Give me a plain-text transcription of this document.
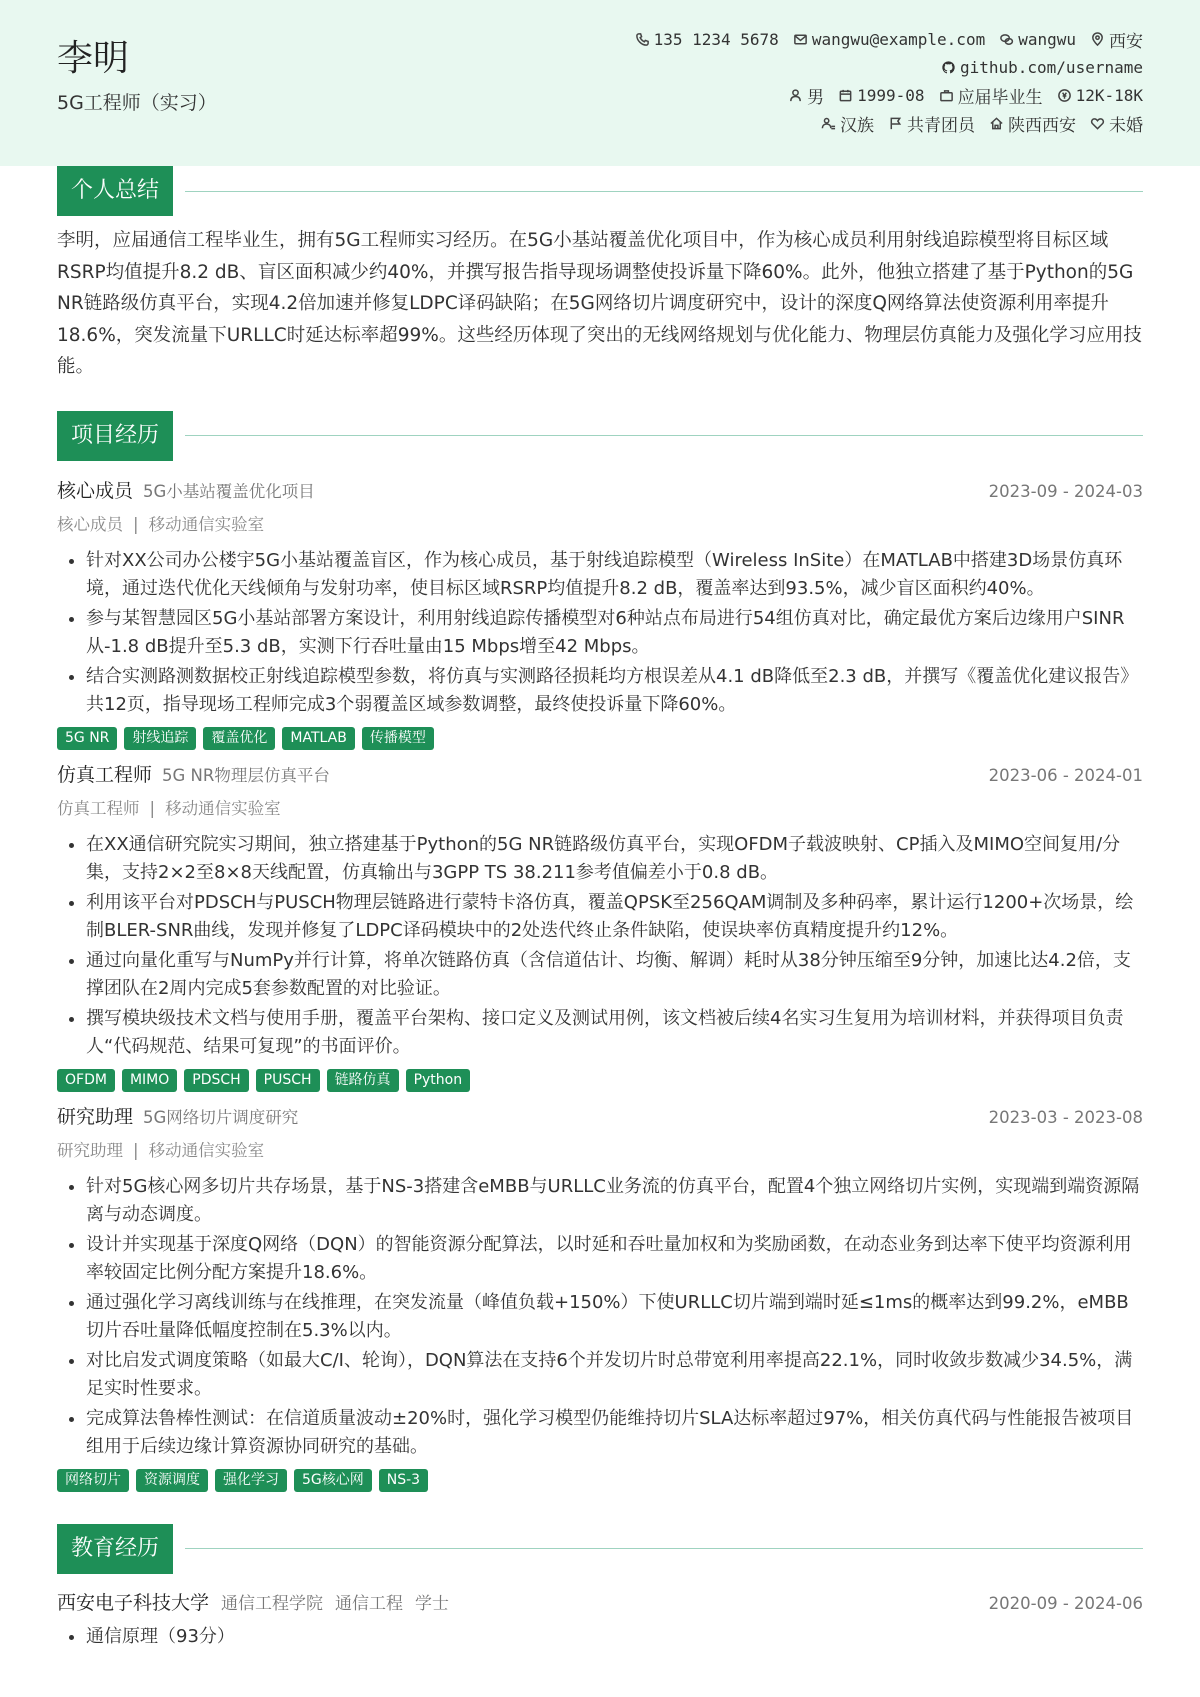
李明
5G工程师（实习）
135 1234 5678 wangwu@example.com wangwu 西安
github.com/username
男 1999-08 应届毕业生 12K-18K
汉族 共青团员 陕西西安 未婚
个人总结

李明，应届通信工程毕业生，拥有5G工程师实习经历。在5G小基站覆盖优化项目中，作为核心成员利用射线追踪模型将目标区域RSRP均值提升8.2 dB、盲区面积减少约40%，并撰写报告指导现场调整使投诉量下降60%。此外，他独立搭建了基于Python的5G NR链路级仿真平台，实现4.2倍加速并修复LDPC译码缺陷；在5G网络切片调度研究中，设计的深度Q网络算法使资源利用率提升18.6%，突发流量下URLLC时延达标率超99%。这些经历体现了突出的无线网络规划与优化能力、物理层仿真能力及强化学习应用技能。

项目经历
核心成员 5G小基站覆盖优化项目	2023-09 - 2024-03
核心成员 | 移动通信实验室
• 针对XX公司办公楼宇5G小基站覆盖盲区，作为核心成员，基于射线追踪模型（Wireless InSite）在MATLAB中搭建3D场景仿真环境，通过迭代优化天线倾角与发射功率，使目标区域RSRP均值提升8.2 dB，覆盖率达到93.5%，减少盲区面积约40%。
• 参与某智慧园区5G小基站部署方案设计，利用射线追踪传播模型对6种站点布局进行54组仿真对比，确定最优方案后边缘用户SINR从-1.8 dB提升至5.3 dB，实测下行吞吐量由15 Mbps增至42 Mbps。
• 结合实测路测数据校正射线追踪模型参数，将仿真与实测路径损耗均方根误差从4.1 dB降低至2.3 dB，并撰写《覆盖优化建议报告》共12页，指导现场工程师完成3个弱覆盖区域参数调整，最终使投诉量下降60%。
5G NR	射线追踪	覆盖优化	MATLAB	传播模型
仿真工程师 5G NR物理层仿真平台	2023-06 - 2024-01
仿真工程师 | 移动通信实验室
• 在XX通信研究院实习期间，独立搭建基于Python的5G NR链路级仿真平台，实现OFDM子载波映射、CP插入及MIMO空间复用/分集，支持2×2至8×8天线配置，仿真输出与3GPP TS 38.211参考值偏差小于0.8 dB。
• 利用该平台对PDSCH与PUSCH物理层链路进行蒙特卡洛仿真，覆盖QPSK至256QAM调制及多种码率，累计运行1200+次场景，绘制BLER-SNR曲线，发现并修复了LDPC译码模块中的2处迭代终止条件缺陷，使误块率仿真精度提升约12%。
• 通过向量化重写与NumPy并行计算，将单次链路仿真（含信道估计、均衡、解调）耗时从38分钟压缩至9分钟，加速比达4.2倍，支撑团队在2周内完成5套参数配置的对比验证。
• 撰写模块级技术文档与使用手册，覆盖平台架构、接口定义及测试用例，该文档被后续4名实习生复用为培训材料，并获得项目负责人“代码规范、结果可复现”的书面评价。
OFDM	MIMO	PDSCH	PUSCH	链路仿真	Python
研究助理 5G网络切片调度研究	2023-03 - 2023-08
研究助理 | 移动通信实验室
• 针对5G核心网多切片共存场景，基于NS-3搭建含eMBB与URLLC业务流的仿真平台，配置4个独立网络切片实例，实现端到端资源隔离与动态调度。
• 设计并实现基于深度Q网络（DQN）的智能资源分配算法，以时延和吞吐量加权和为奖励函数，在动态业务到达率下使平均资源利用率较固定比例分配方案提升18.6%。
• 通过强化学习离线训练与在线推理，在突发流量（峰值负载+150%）下使URLLC切片端到端时延≤1ms的概率达到99.2%，eMBB切片吞吐量降低幅度控制在5.3%以内。
• 对比启发式调度策略（如最大C/I、轮询），DQN算法在支持6个并发切片时总带宽利用率提高22.1%，同时收敛步数减少34.5%，满足实时性要求。
• 完成算法鲁棒性测试：在信道质量波动±20%时，强化学习模型仍能维持切片SLA达标率超过97%，相关仿真代码与性能报告被项目组用于后续边缘计算资源协同研究的基础。
网络切片	资源调度	强化学习	5G核心网	NS-3
教育经历
西安电子科技大学 通信工程学院 通信工程 学士	2020-09 - 2024-06
• 通信原理（93分）
